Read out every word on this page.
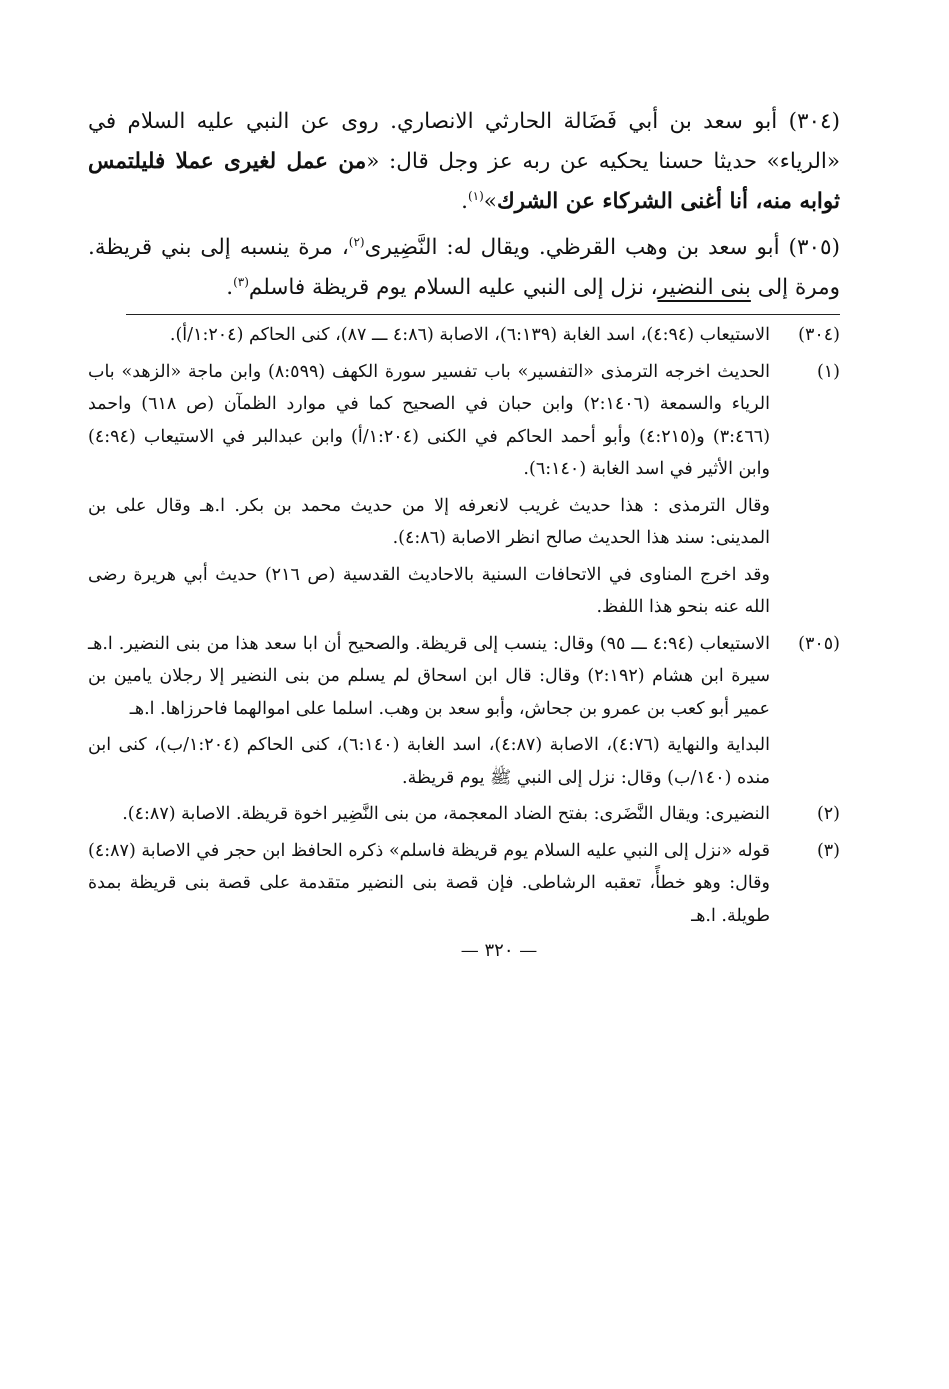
(٣٠٤) أبو سعد بن أبي فَضَالة الحارثي الانصاري. روى عن النبي عليه السلام في «الرياء» حديثا حسنا يحكيه عن ربه عز وجل قال: «من عمل لغيرى عملا فليلتمس ثوابه منه، أنا أغنى الشركاء عن الشرك»$^{(١)}$.

(٣٠٥) أبو سعد بن وهب القرظي. ويقال له: النَّضِيرى$^{(٢)}$، مرة ينسبه إلى بني قريظة. ومرة إلى بنى النضير، نزل إلى النبي عليه السلام يوم قريظة فاسلم$^{(٣)}$.

(٣٠٤)
الاستيعاب (٤:٩٤)، اسد الغابة (٦:١٣٩)، الاصابة (٤:٨٦ ـــ ٨٧)، كنى الحاكم (١:٢٠٤/أ).
(١)
الحديث اخرجه الترمذى «التفسير» باب تفسير سورة الكهف (٨:٥٩٩) وابن ماجة «الزهد» باب الرياء والسمعة (٢:١٤٠٦) وابن حبان في الصحيح كما في موارد الظمآن (ص ٦١٨) واحمد (٣:٤٦٦) و(٤:٢١٥) وأبو أحمد الحاكم في الكنى (١:٢٠٤/أ) وابن عبدالبر في الاستيعاب (٤:٩٤) وابن الأثير في اسد الغابة (٦:١٤٠).
وقال الترمذى : هذا حديث غريب لانعرفه إلا من حديث محمد بن بكر. ا.هـ وقال على بن المدينى: سند هذا الحديث صالح انظر الاصابة (٤:٨٦).
وقد اخرج المناوى في الاتحافات السنية بالاحاديث القدسية (ص ٢١٦) حديث أبي هريرة رضى الله عنه بنحو هذا اللفظ.
(٣٠٥)
الاستيعاب (٤:٩٤ ـــ ٩٥) وقال: ينسب إلى قريظة. والصحيح أن ابا سعد هذا من بنى النضير. ا.هـ سيرة ابن هشام (٢:١٩٢) وقال: قال ابن اسحاق لم يسلم من بنى النضير إلا رجلان يامين بن عمير أبو كعب بن عمرو بن جحاش، وأبو سعد بن وهب. اسلما على اموالهما فاحرزاها. ا.هـ
البداية والنهاية (٤:٧٦)، الاصابة (٤:٨٧)، اسد الغابة (٦:١٤٠)، كنى الحاكم (١:٢٠٤/ب)، كنى ابن منده (١٤٠/ب) وقال: نزل إلى النبي ﷺ يوم قريظة.
(٢)
النضيرى: ويقال النَّضَرى: بفتح الضاد المعجمة، من بنى النَّضِير اخوة قريظة. الاصابة (٤:٨٧).
(٣)
قوله «نزل إلى النبي عليه السلام يوم قريظة فاسلم» ذكره الحافظ ابن حجر في الاصابة (٤:٨٧) وقال: وهو خطأً، تعقبه الرشاطى. فإن قصة بنى النضير متقدمة على قصة بنى قريظة بمدة طويلة. ا.هـ
— ٣٢٠ —
